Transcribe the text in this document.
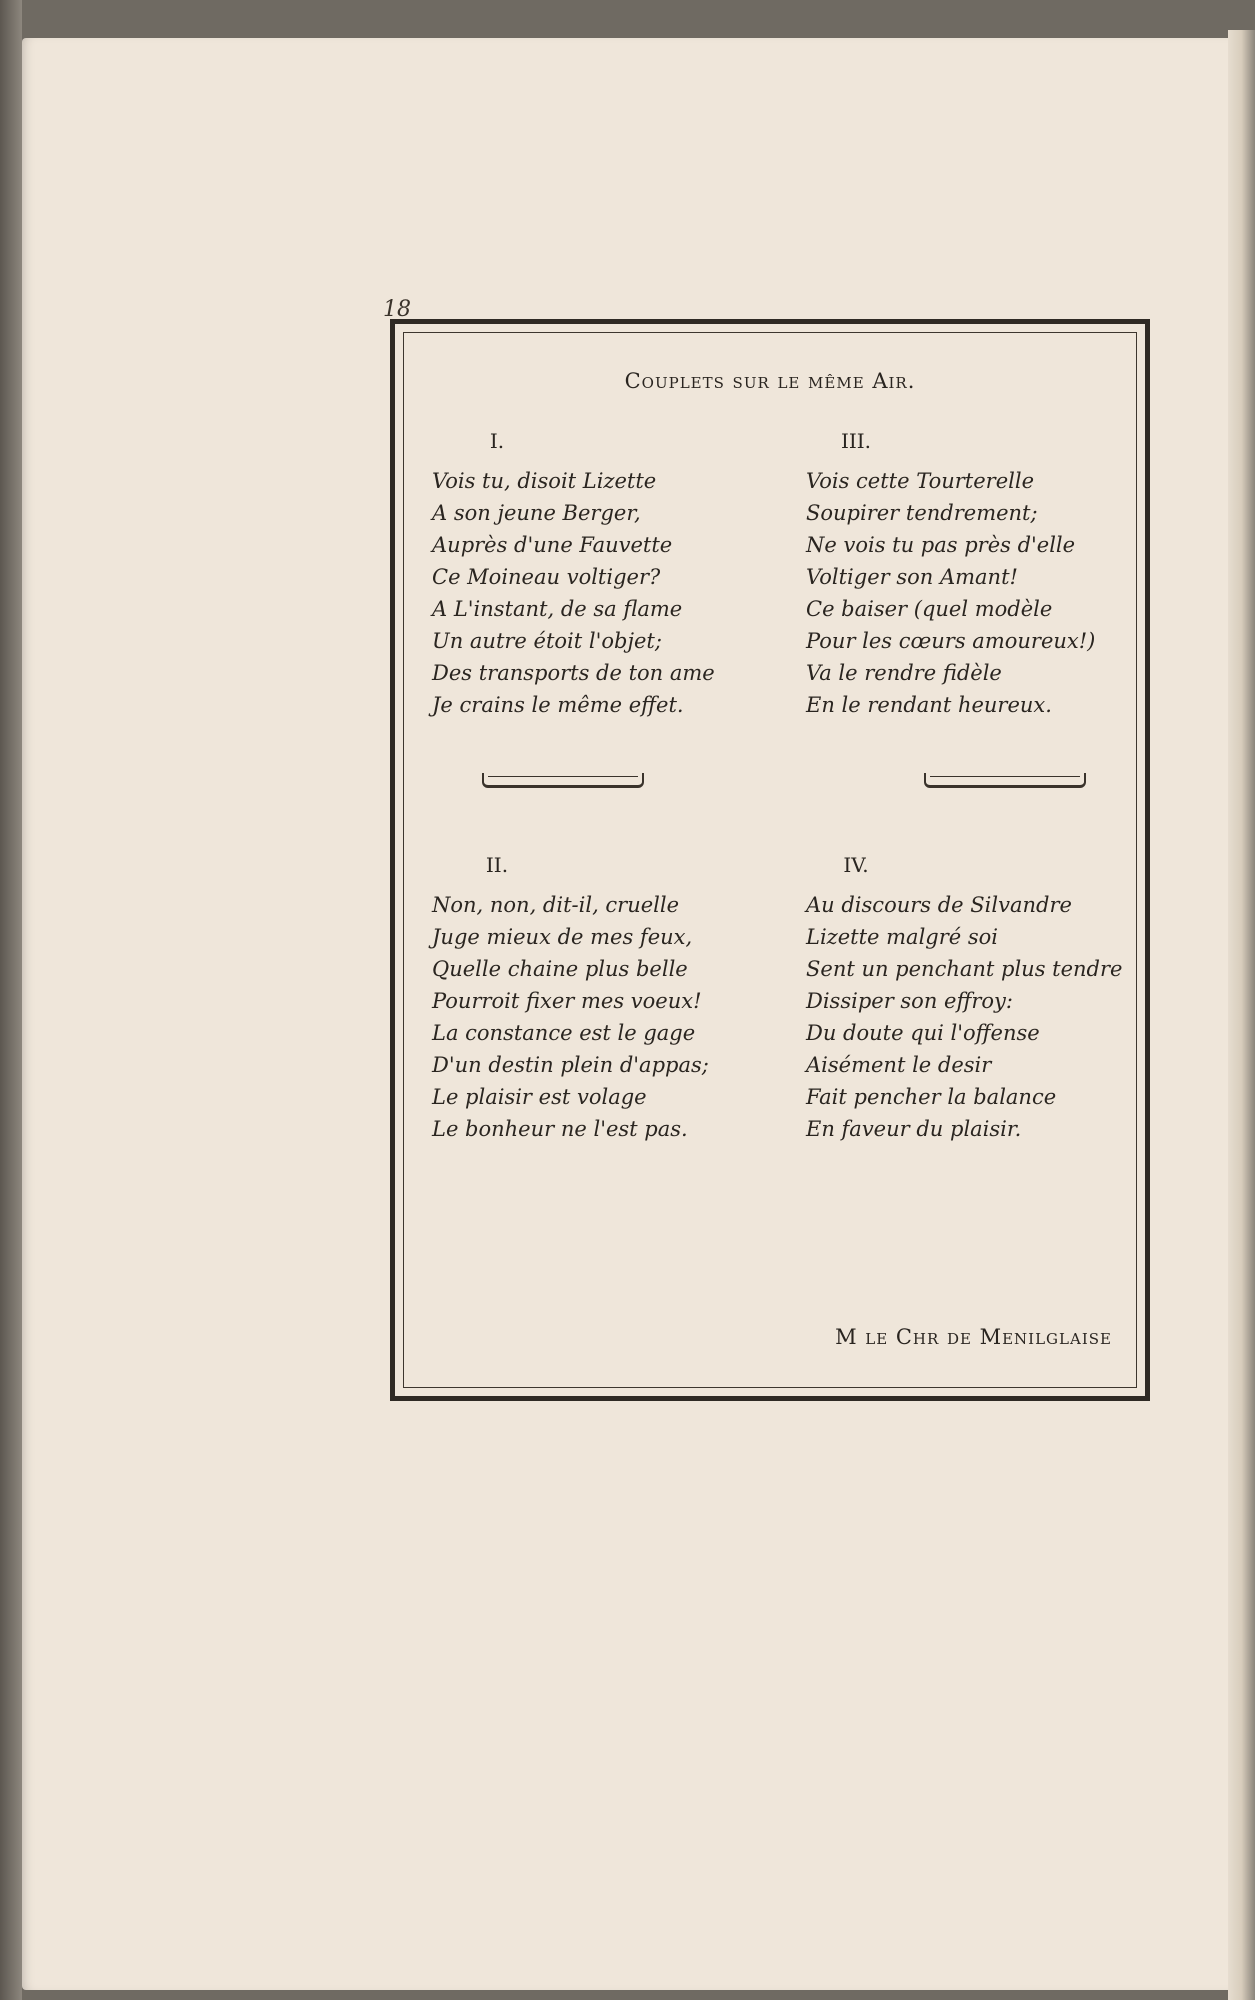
18
Couplets sur le même Air.
I.
Vois tu, disoit Lizette
A son jeune Berger,
Auprès d'une Fauvette
Ce Moineau voltiger?
A L'instant, de sa flame
Un autre étoit l'objet;
Des transports de ton ame
Je crains le même effet.
III.
Vois cette Tourterelle
Soupirer tendrement;
Ne vois tu pas près d'elle
Voltiger son Amant!
Ce baiser (quel modèle
Pour les cœurs amoureux!)
Va le rendre fidèle
En le rendant heureux.
II.
Non, non, dit-il, cruelle
Juge mieux de mes feux,
Quelle chaine plus belle
Pourroit fixer mes voeux!
La constance est le gage
D'un destin plein d'appas;
Le plaisir est volage
Le bonheur ne l'est pas.
IV.
Au discours de Silvandre
Lizette malgré soi
Sent un penchant plus tendre
Dissiper son effroy:
Du doute qui l'offense
Aisément le desir
Fait pencher la balance
En faveur du plaisir.
M le Chr de Menilglaise
